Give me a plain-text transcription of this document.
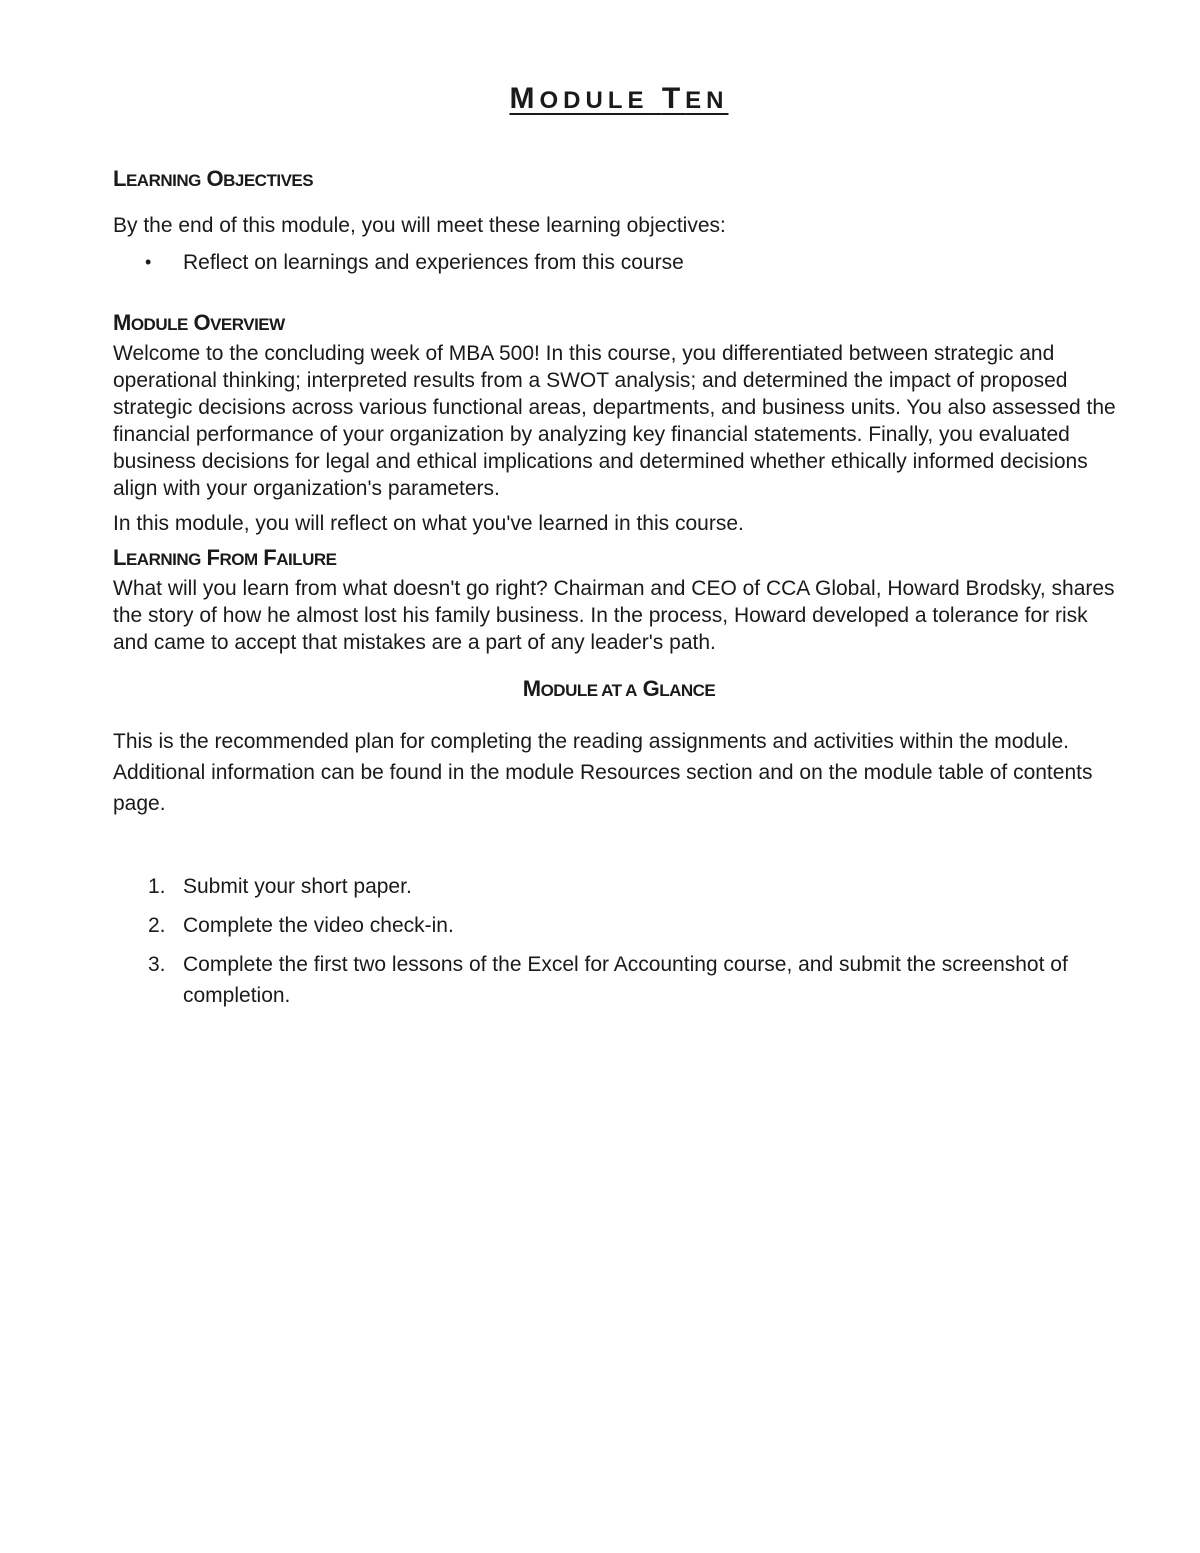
MODULE TEN
LEARNING OBJECTIVES

By the end of this module, you will meet these learning objectives:

• Reflect on learnings and experiences from this course
MODULE OVERVIEW

Welcome to the concluding week of MBA 500! In this course, you differentiated between strategic and operational thinking; interpreted results from a SWOT analysis; and determined the impact of proposed strategic decisions across various functional areas, departments, and business units. You also assessed the financial performance of your organization by analyzing key financial statements. Finally, you evaluated business decisions for legal and ethical implications and determined whether ethically informed decisions align with your organization's parameters.

In this module, you will reflect on what you've learned in this course.

LEARNING FROM FAILURE

What will you learn from what doesn't go right? Chairman and CEO of CCA Global, Howard Brodsky, shares the story of how he almost lost his family business. In the process, Howard developed a tolerance for risk and came to accept that mistakes are a part of any leader's path.

MODULE AT A GLANCE

This is the recommended plan for completing the reading assignments and activities within the module. Additional information can be found in the module Resources section and on the module table of contents page.

1. Submit your short paper.
2. Complete the video check-in.
3. Complete the first two lessons of the Excel for Accounting course, and submit the screenshot of completion.
